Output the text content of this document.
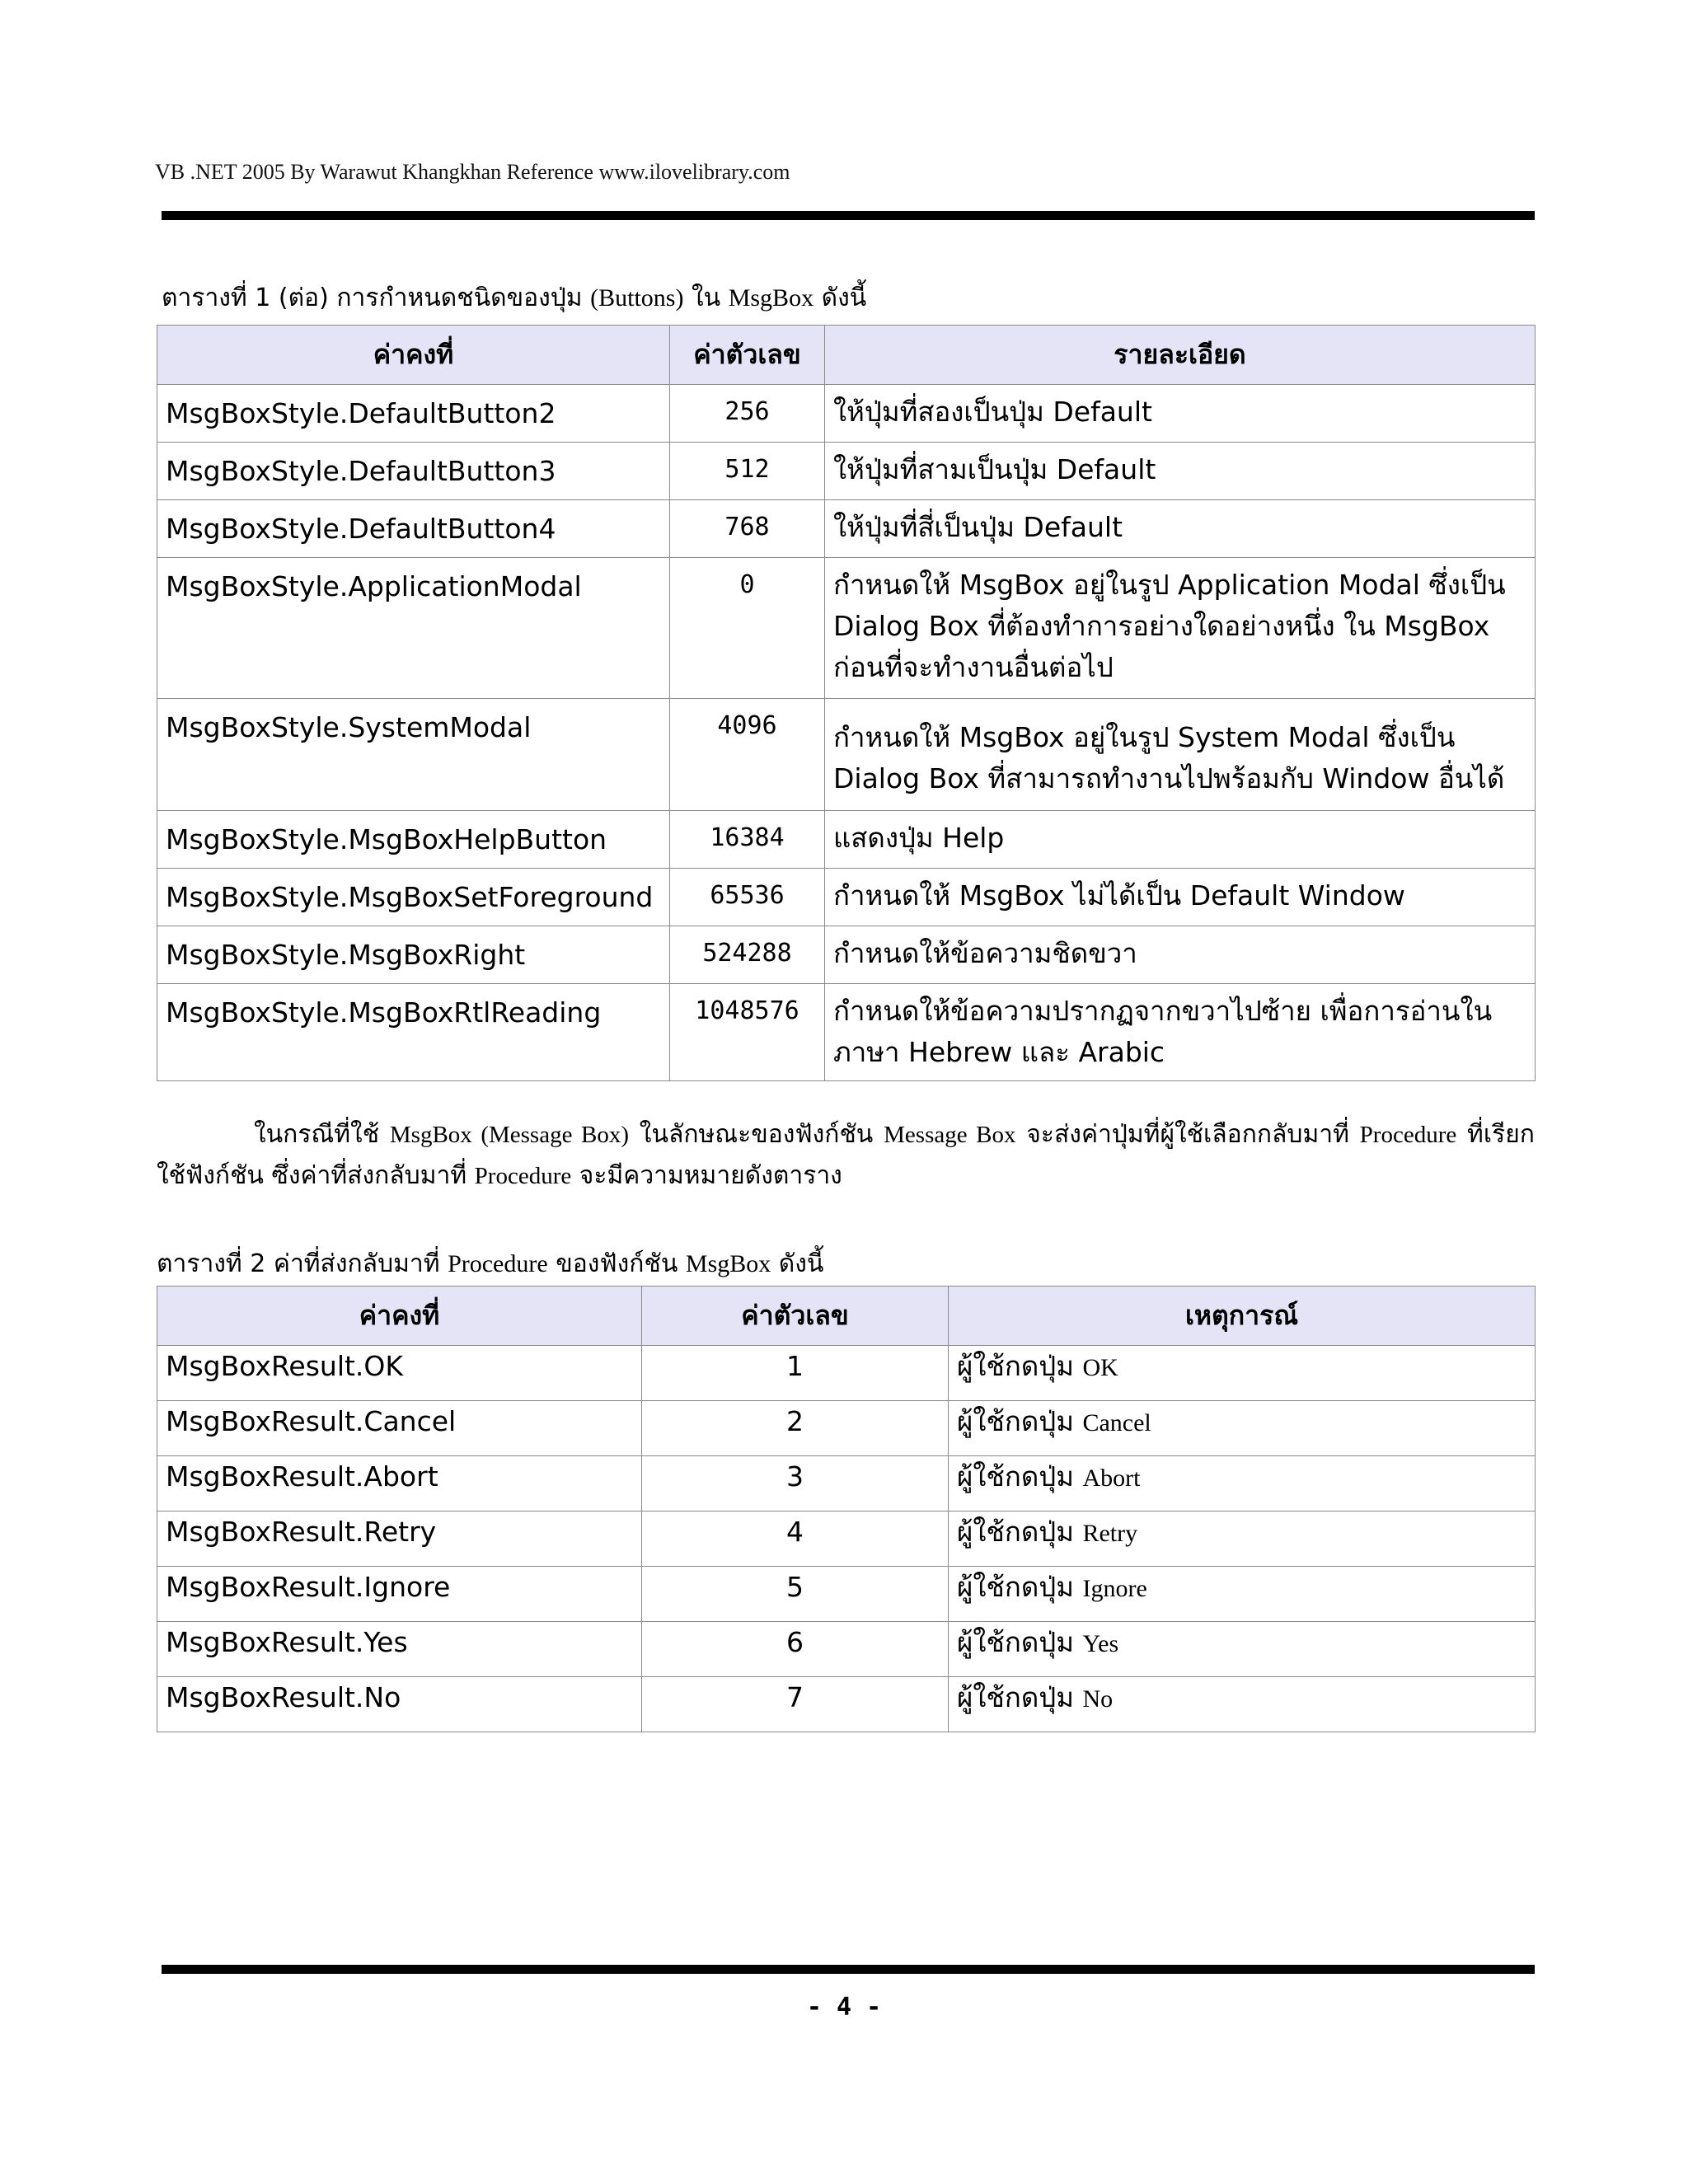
VB .NET 2005 By Warawut Khangkhan Reference www.ilovelibrary.com
ตารางที่ 1 (ต่อ) การกำหนดชนิดของปุ่ม (Buttons) ใน MsgBox ดังนี้
ค่าคงที่	ค่าตัวเลข	รายละเอียด
MsgBoxStyle.DefaultButton2	256	ให้ปุ่มที่สองเป็นปุ่ม Default
MsgBoxStyle.DefaultButton3	512	ให้ปุ่มที่สามเป็นปุ่ม Default
MsgBoxStyle.DefaultButton4	768	ให้ปุ่มที่สี่เป็นปุ่ม Default
MsgBoxStyle.ApplicationModal	0	กำหนดให้ MsgBox อยู่ในรูป Application Modal ซึ่งเป็น Dialog Box ที่ต้องทำการอย่างใดอย่างหนึ่ง ใน MsgBox ก่อนที่จะทำงานอื่นต่อไป
MsgBoxStyle.SystemModal	4096	กำหนดให้ MsgBox อยู่ในรูป System Modal ซึ่งเป็น Dialog Box ที่สามารถทำงานไปพร้อมกับ Window อื่นได้
MsgBoxStyle.MsgBoxHelpButton	16384	แสดงปุ่ม Help
MsgBoxStyle.MsgBoxSetForeground	65536	กำหนดให้ MsgBox ไม่ได้เป็น Default Window
MsgBoxStyle.MsgBoxRight	524288	กำหนดให้ข้อความชิดขวา
MsgBoxStyle.MsgBoxRtlReading	1048576	กำหนดให้ข้อความปรากฏจากขวาไปซ้าย เพื่อการอ่านในภาษา Hebrew และ Arabic
ในกรณีที่ใช้ MsgBox (Message Box) ในลักษณะของฟังก์ชัน Message Box จะส่งค่าปุ่มที่ผู้ใช้เลือกกลับมาที่ Procedure ที่เรียกใช้ฟังก์ชัน ซึ่งค่าที่ส่งกลับมาที่ Procedure จะมีความหมายดังตาราง
ตารางที่ 2 ค่าที่ส่งกลับมาที่ Procedure ของฟังก์ชัน MsgBox ดังนี้
ค่าคงที่	ค่าตัวเลข	เหตุการณ์
MsgBoxResult.OK	1	ผู้ใช้กดปุ่ม OK
MsgBoxResult.Cancel	2	ผู้ใช้กดปุ่ม Cancel
MsgBoxResult.Abort	3	ผู้ใช้กดปุ่ม Abort
MsgBoxResult.Retry	4	ผู้ใช้กดปุ่ม Retry
MsgBoxResult.Ignore	5	ผู้ใช้กดปุ่ม Ignore
MsgBoxResult.Yes	6	ผู้ใช้กดปุ่ม Yes
MsgBoxResult.No	7	ผู้ใช้กดปุ่ม No
- 4 -
